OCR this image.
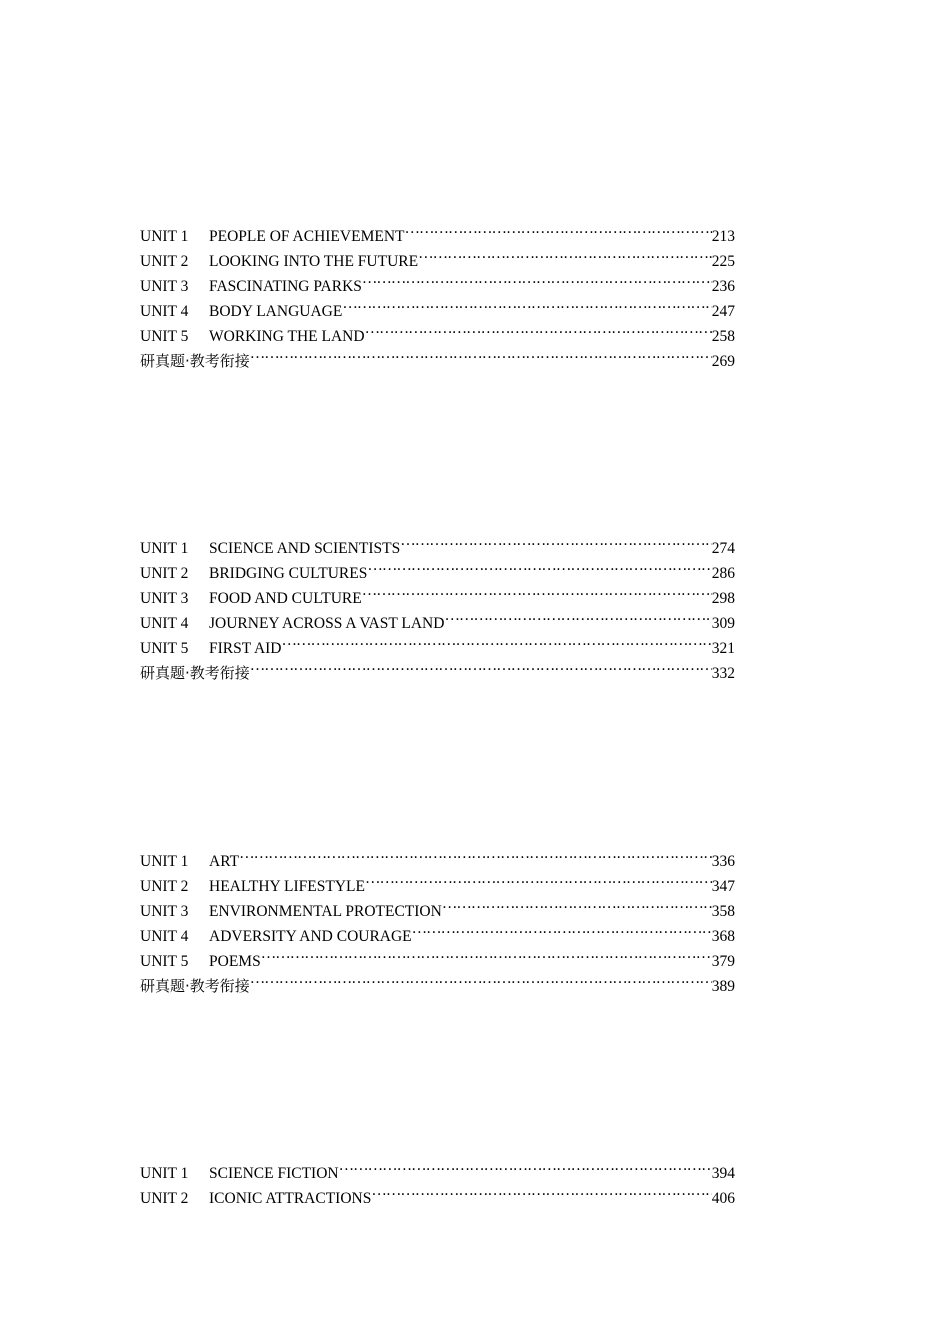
UNIT 1	PEOPLE OF ACHIEVEMENT …………………………………………………………………………………………………………………………………………………………	213
UNIT 2	LOOKING INTO THE FUTURE …………………………………………………………………………………………………………………………………………………………	225
UNIT 3	FASCINATING PARKS …………………………………………………………………………………………………………………………………………………………	236
UNIT 4	BODY LANGUAGE …………………………………………………………………………………………………………………………………………………………	247
UNIT 5	WORKING THE LAND …………………………………………………………………………………………………………………………………………………………	258
研真题·教考衔接 …………………………………………………………………………………………………………………………………………………………	269
UNIT 1	SCIENCE AND SCIENTISTS …………………………………………………………………………………………………………………………………………………………	274
UNIT 2	BRIDGING CULTURES …………………………………………………………………………………………………………………………………………………………	286
UNIT 3	FOOD AND CULTURE …………………………………………………………………………………………………………………………………………………………	298
UNIT 4	JOURNEY ACROSS A VAST LAND …………………………………………………………………………………………………………………………………………………………	309
UNIT 5	FIRST AID …………………………………………………………………………………………………………………………………………………………	321
研真题·教考衔接 …………………………………………………………………………………………………………………………………………………………	332
UNIT 1	ART …………………………………………………………………………………………………………………………………………………………	336
UNIT 2	HEALTHY LIFESTYLE …………………………………………………………………………………………………………………………………………………………	347
UNIT 3	ENVIRONMENTAL PROTECTION …………………………………………………………………………………………………………………………………………………………	358
UNIT 4	ADVERSITY AND COURAGE …………………………………………………………………………………………………………………………………………………………	368
UNIT 5	POEMS …………………………………………………………………………………………………………………………………………………………	379
研真题·教考衔接 …………………………………………………………………………………………………………………………………………………………	389
UNIT 1	SCIENCE FICTION …………………………………………………………………………………………………………………………………………………………	394
UNIT 2	ICONIC ATTRACTIONS …………………………………………………………………………………………………………………………………………………………	406
